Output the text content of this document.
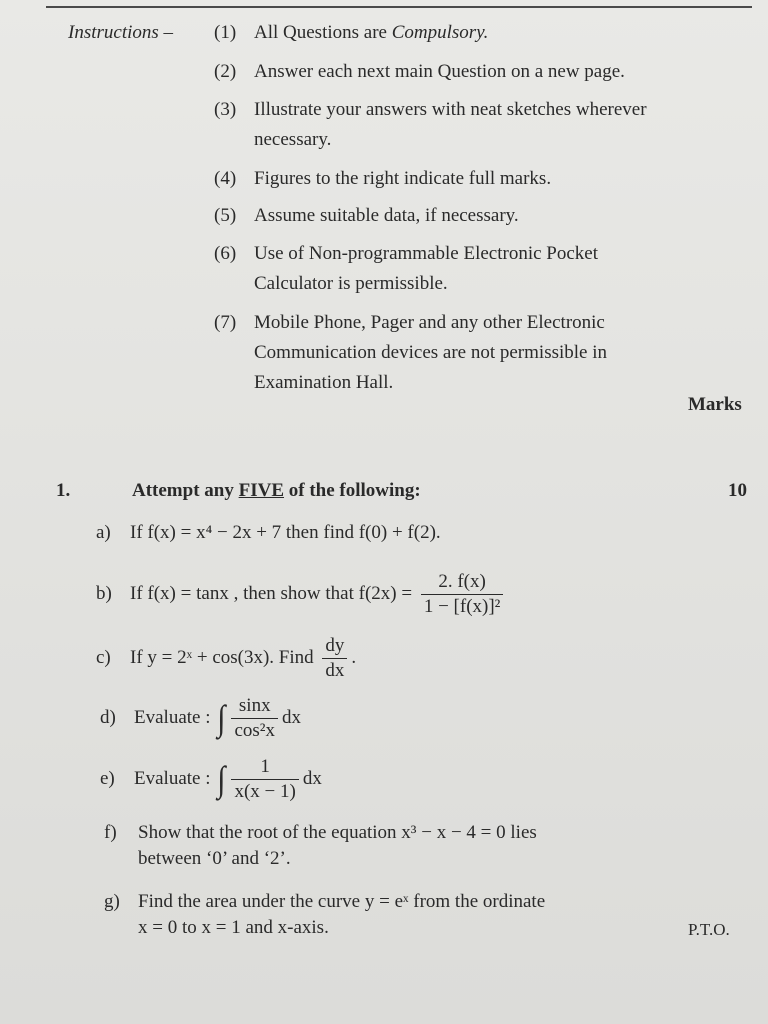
Instructions – (1) All Questions are Compulsory.
(2) Answer each next main Question on a new page.
(3) Illustrate your answers with neat sketches wherever necessary.
(4) Figures to the right indicate full marks.
(5) Assume suitable data, if necessary.
(6) Use of Non-programmable Electronic Pocket Calculator is permissible.
(7) Mobile Phone, Pager and any other Electronic Communication devices are not permissible in Examination Hall.
Marks
1.	Attempt any FIVE of the following:	10
a) If f(x) = x⁴ − 2x + 7 then find f(0) + f(2).
b) If f(x) = tanx , then show that $f(2x) = \frac{2. f(x)}{\text{1 − [f(x)]²}}$
c) If y = 2ˣ + cos(3x). Find $\frac{dy}{dx}$ .
d) Evaluate : ∫ $\frac{\sin x}{\text{cos²x}}$ dx
e) Evaluate : ∫ $\frac{1}{x(x - 1)}$ dx
f) Show that the root of the equation x³ − x − 4 = 0 lies
between ‘0’ and ‘2’.
g) Find the area under the curve y = eˣ from the ordinate
x = 0 to x = 1 and x-axis.	P.T.O.
